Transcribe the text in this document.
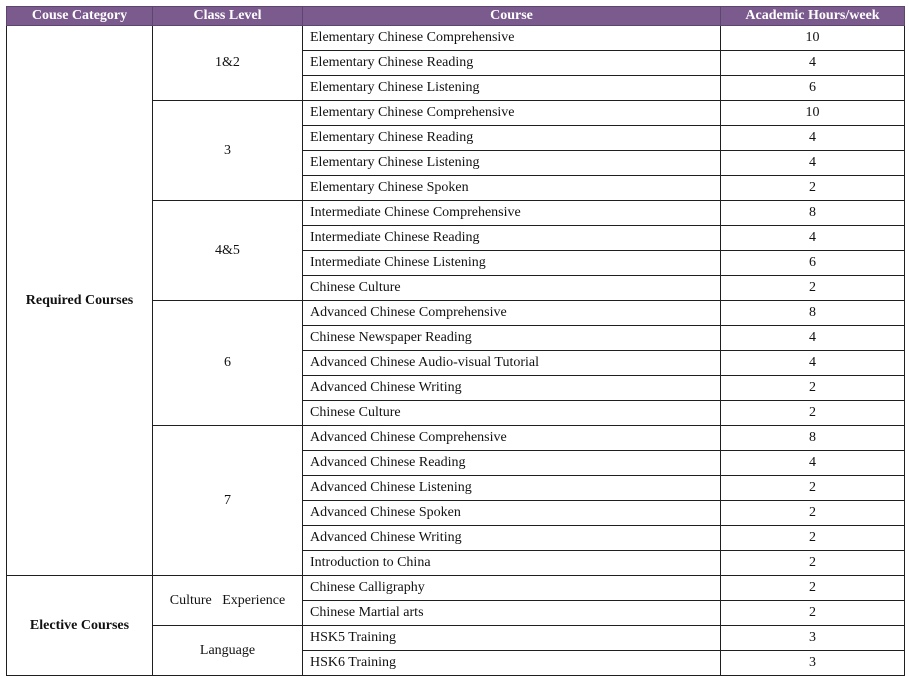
Couse Category	Class Level	Course	Academic Hours/week
Required Courses	1&2	Elementary Chinese Comprehensive	10
		Elementary Chinese Reading	4
		Elementary Chinese Listening	6
	3	Elementary Chinese Comprehensive	10
		Elementary Chinese Reading	4
		Elementary Chinese Listening	4
		Elementary Chinese Spoken	2
	4&5	Intermediate Chinese Comprehensive	8
		Intermediate Chinese Reading	4
		Intermediate Chinese Listening	6
		Chinese Culture	2
	6	Advanced Chinese Comprehensive	8
		Chinese Newspaper Reading	4
		Advanced Chinese Audio-visual Tutorial	4
		Advanced Chinese Writing	2
		Chinese Culture	2
	7	Advanced Chinese Comprehensive	8
		Advanced Chinese Reading	4
		Advanced Chinese Listening	2
		Advanced Chinese Spoken	2
		Advanced Chinese Writing	2
		Introduction to China	2
Elective Courses	Culture   Experience	Chinese Calligraphy	2
		Chinese Martial arts	2
	Language	HSK5 Training	3
		HSK6 Training	3
